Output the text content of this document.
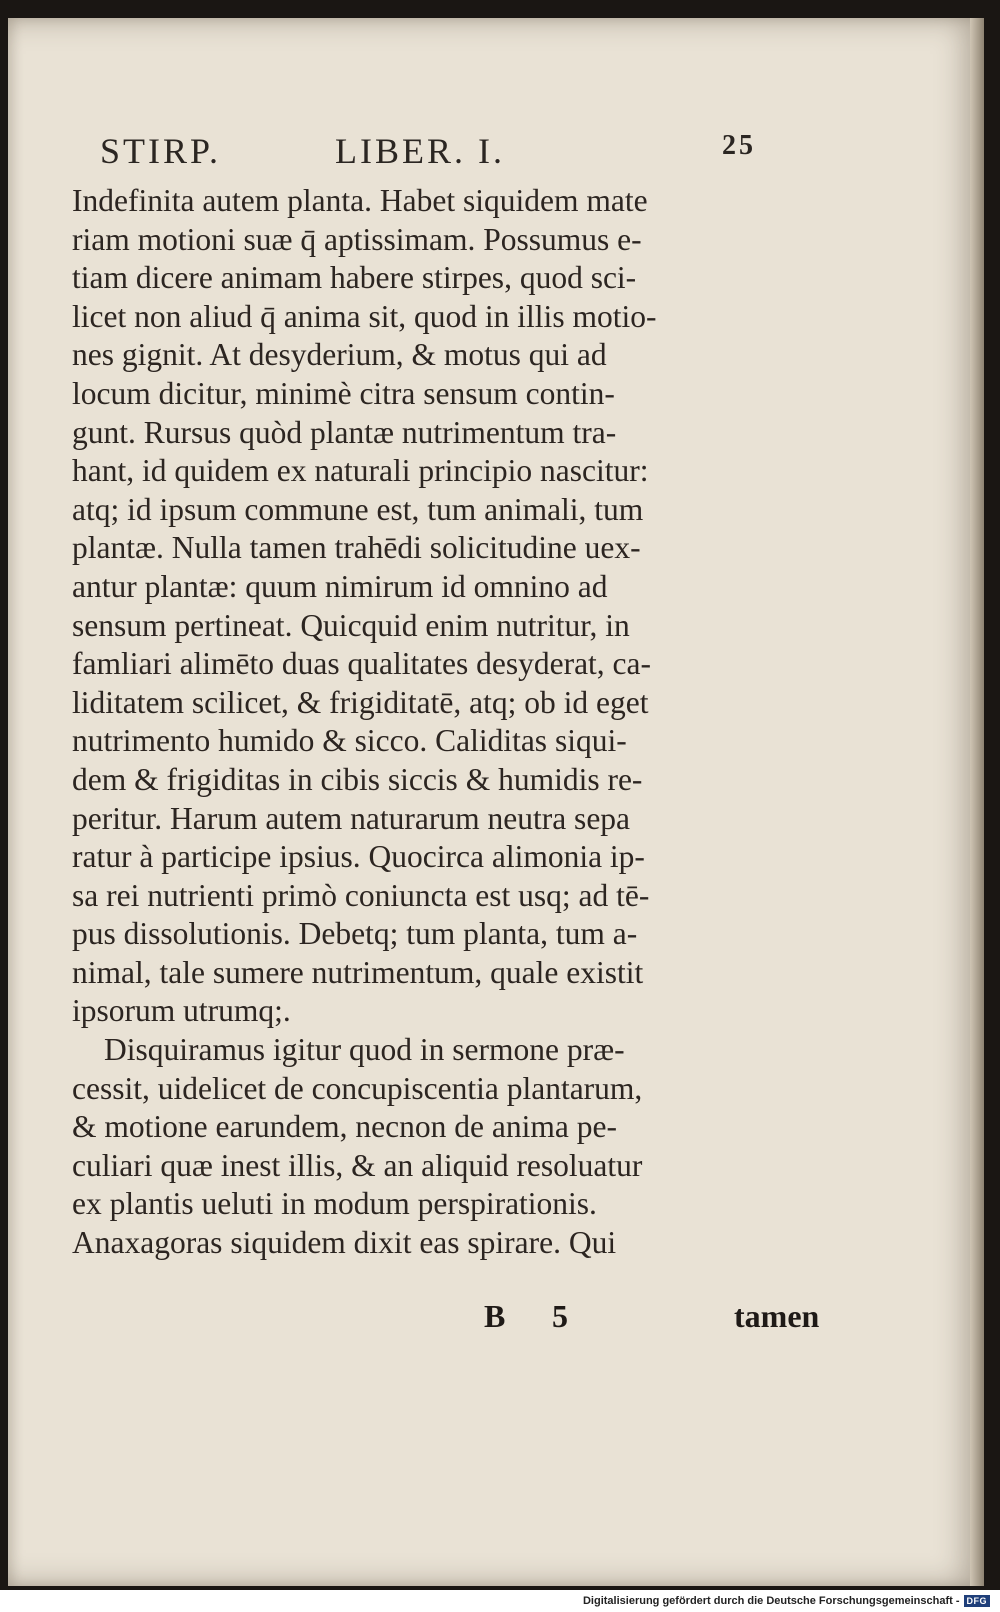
STIRP.	LIBER. I.	25
Indefinita autem planta. Habet siquidem mate
riam motioni suæ q̄ aptissimam. Possumus e-
tiam dicere animam habere stirpes, quod sci-
licet non aliud q̄ anima sit, quod in illis motio-
nes gignit. At desyderium, & motus qui ad
locum dicitur, minimè citra sensum contin-
gunt. Rursus quòd plantæ nutrimentum tra-
hant, id quidem ex naturali principio nascitur:
atq; id ipsum commune est, tum animali, tum
plantæ. Nulla tamen trahēdi solicitudine uex-
antur plantæ: quum nimirum id omnino ad
sensum pertineat. Quicquid enim nutritur, in
famliari alimēto duas qualitates desyderat, ca-
liditatem scilicet, & frigiditatē, atq; ob id eget
nutrimento humido & sicco. Caliditas siqui-
dem & frigiditas in cibis siccis & humidis re-
peritur. Harum autem naturarum neutra sepa
ratur à participe ipsius. Quocirca alimonia ip-
sa rei nutrienti primò coniuncta est usq; ad tē-
pus dissolutionis. Debetq; tum planta, tum a-
nimal, tale sumere nutrimentum, quale existit
ipsorum utrumq;.
Disquiramus igitur quod in sermone præ-
cessit, uidelicet de concupiscentia plantarum,
& motione earundem, necnon de anima pe-
culiari quæ inest illis, & an aliquid resoluatur
ex plantis ueluti in modum perspirationis.
Anaxagoras siquidem dixit eas spirare. Qui
B 5	tamen
Digitalisierung gefördert durch die Deutsche Forschungsgemeinschaft - DFG
